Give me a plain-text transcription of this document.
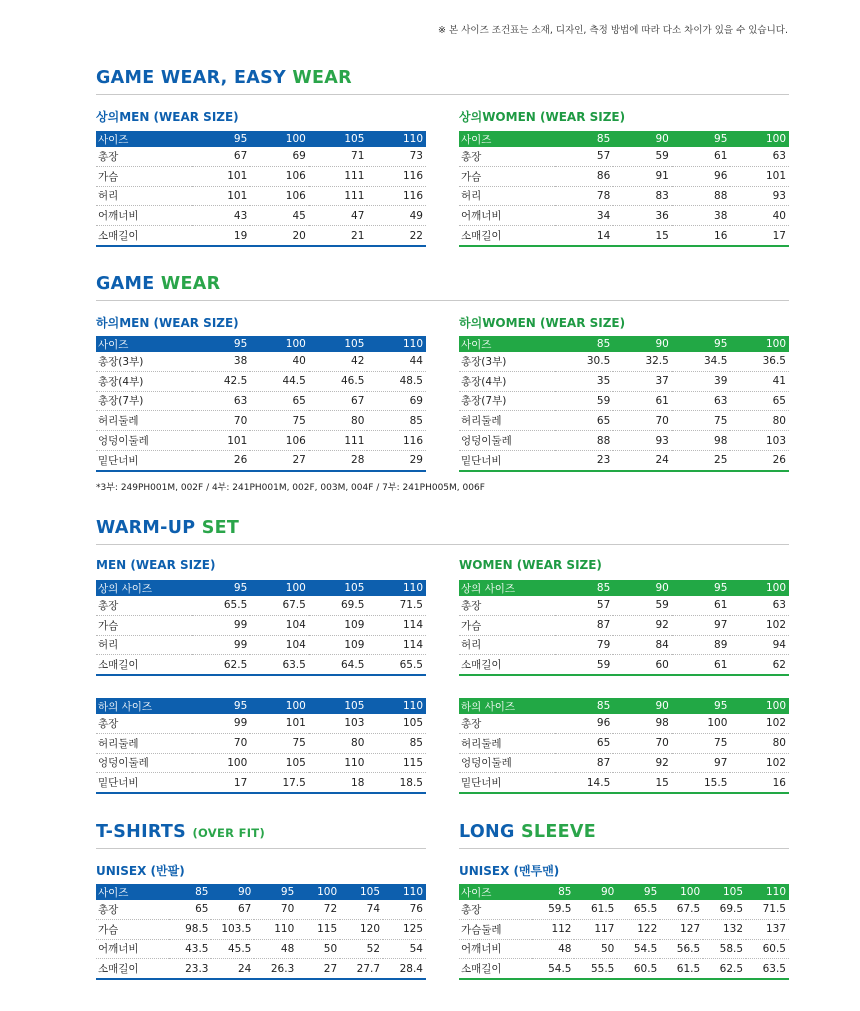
※ 본 사이즈 조건표는 소재, 디자인, 측정 방법에 따라 다소 차이가 있을 수 있습니다.
GAME WEAR, EASY WEAR
상의MEN (WEAR SIZE)	상의WOMEN (WEAR SIZE)
사이즈	95	100	105	110
총장	67	69	71	73
가슴	101	106	111	116
허리	101	106	111	116
어깨너비	43	45	47	49
소매길이	19	20	21	22
사이즈	85	90	95	100
총장	57	59	61	63
가슴	86	91	96	101
허리	78	83	88	93
어깨너비	34	36	38	40
소매길이	14	15	16	17
GAME WEAR
하의MEN (WEAR SIZE)	하의WOMEN (WEAR SIZE)
사이즈	95	100	105	110
총장(3부)	38	40	42	44
총장(4부)	42.5	44.5	46.5	48.5
총장(7부)	63	65	67	69
허리둘레	70	75	80	85
엉덩이둘레	101	106	111	116
밑단너비	26	27	28	29
사이즈	85	90	95	100
총장(3부)	30.5	32.5	34.5	36.5
총장(4부)	35	37	39	41
총장(7부)	59	61	63	65
허리둘레	65	70	75	80
엉덩이둘레	88	93	98	103
밑단너비	23	24	25	26
*3부: 249PH001M, 002F / 4부: 241PH001M, 002F, 003M, 004F / 7부: 241PH005M, 006F
WARM-UP SET
MEN (WEAR SIZE)	WOMEN (WEAR SIZE)
상의 사이즈	95	100	105	110
총장	65.5	67.5	69.5	71.5
가슴	99	104	109	114
허리	99	104	109	114
소매길이	62.5	63.5	64.5	65.5
상의 사이즈	85	90	95	100
총장	57	59	61	63
가슴	87	92	97	102
허리	79	84	89	94
소매길이	59	60	61	62
하의 사이즈	95	100	105	110
총장	99	101	103	105
허리둘레	70	75	80	85
엉덩이둘레	100	105	110	115
밑단너비	17	17.5	18	18.5
하의 사이즈	85	90	95	100
총장	96	98	100	102
허리둘레	65	70	75	80
엉덩이둘레	87	92	97	102
밑단너비	14.5	15	15.5	16
T-SHIRTS (OVER FIT)	LONG SLEEVE
UNISEX (반팔)	UNISEX (맨투맨)
사이즈	85	90	95	100	105	110
총장	65	67	70	72	74	76
가슴	98.5	103.5	110	115	120	125
어깨너비	43.5	45.5	48	50	52	54
소매길이	23.3	24	26.3	27	27.7	28.4
사이즈	85	90	95	100	105	110
총장	59.5	61.5	65.5	67.5	69.5	71.5
가슴둘레	112	117	122	127	132	137
어깨너비	48	50	54.5	56.5	58.5	60.5
소매길이	54.5	55.5	60.5	61.5	62.5	63.5
